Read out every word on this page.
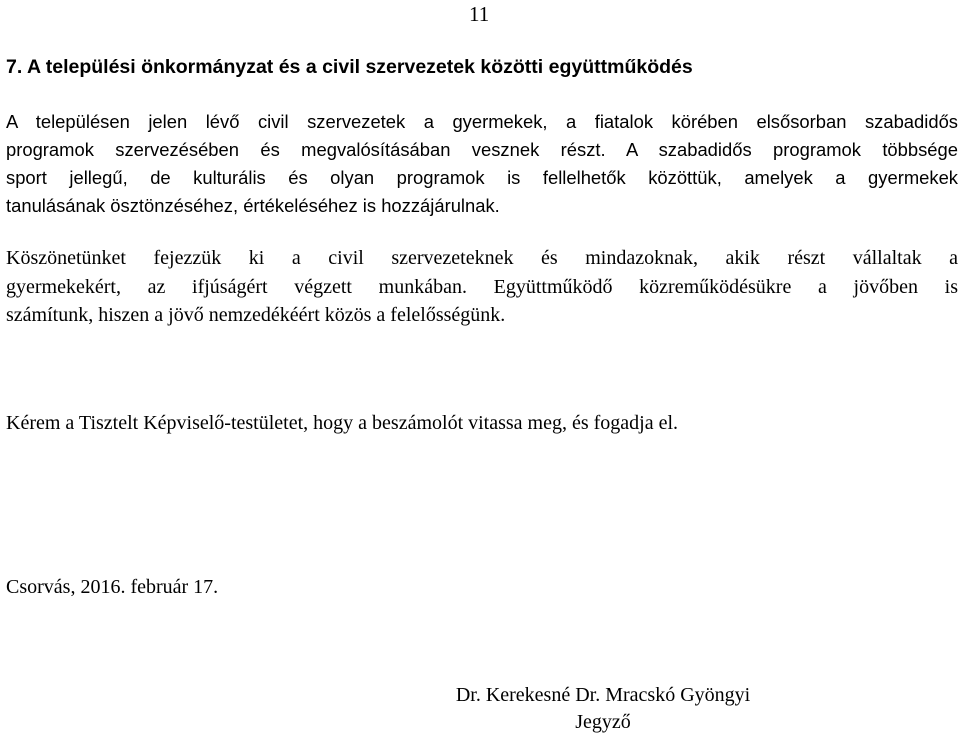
11
7. A települési önkormányzat és a civil szervezetek közötti együttműködés

A településen jelen lévő civil szervezetek a gyermekek, a fiatalok körében elsősorban szabadidős
programok szervezésében és megvalósításában vesznek részt. A szabadidős programok többsége
sport jellegű, de kulturális és olyan programok is fellelhetők közöttük, amelyek a gyermekek
tanulásának ösztönzéséhez, értékeléséhez is hozzájárulnak.

Köszönetünket fejezzük ki a civil szervezeteknek és mindazoknak, akik részt vállaltak a
gyermekekért, az ifjúságért végzett munkában. Együttműködő közreműködésükre a jövőben is
számítunk, hiszen a jövő nemzedékéért közös a felelősségünk.

Kérem a Tisztelt Képviselő-testületet, hogy a beszámolót vitassa meg, és fogadja el.

Csorvás, 2016. február 17.

Dr. Kerekesné Dr. Mracskó Gyöngyi
Jegyző
